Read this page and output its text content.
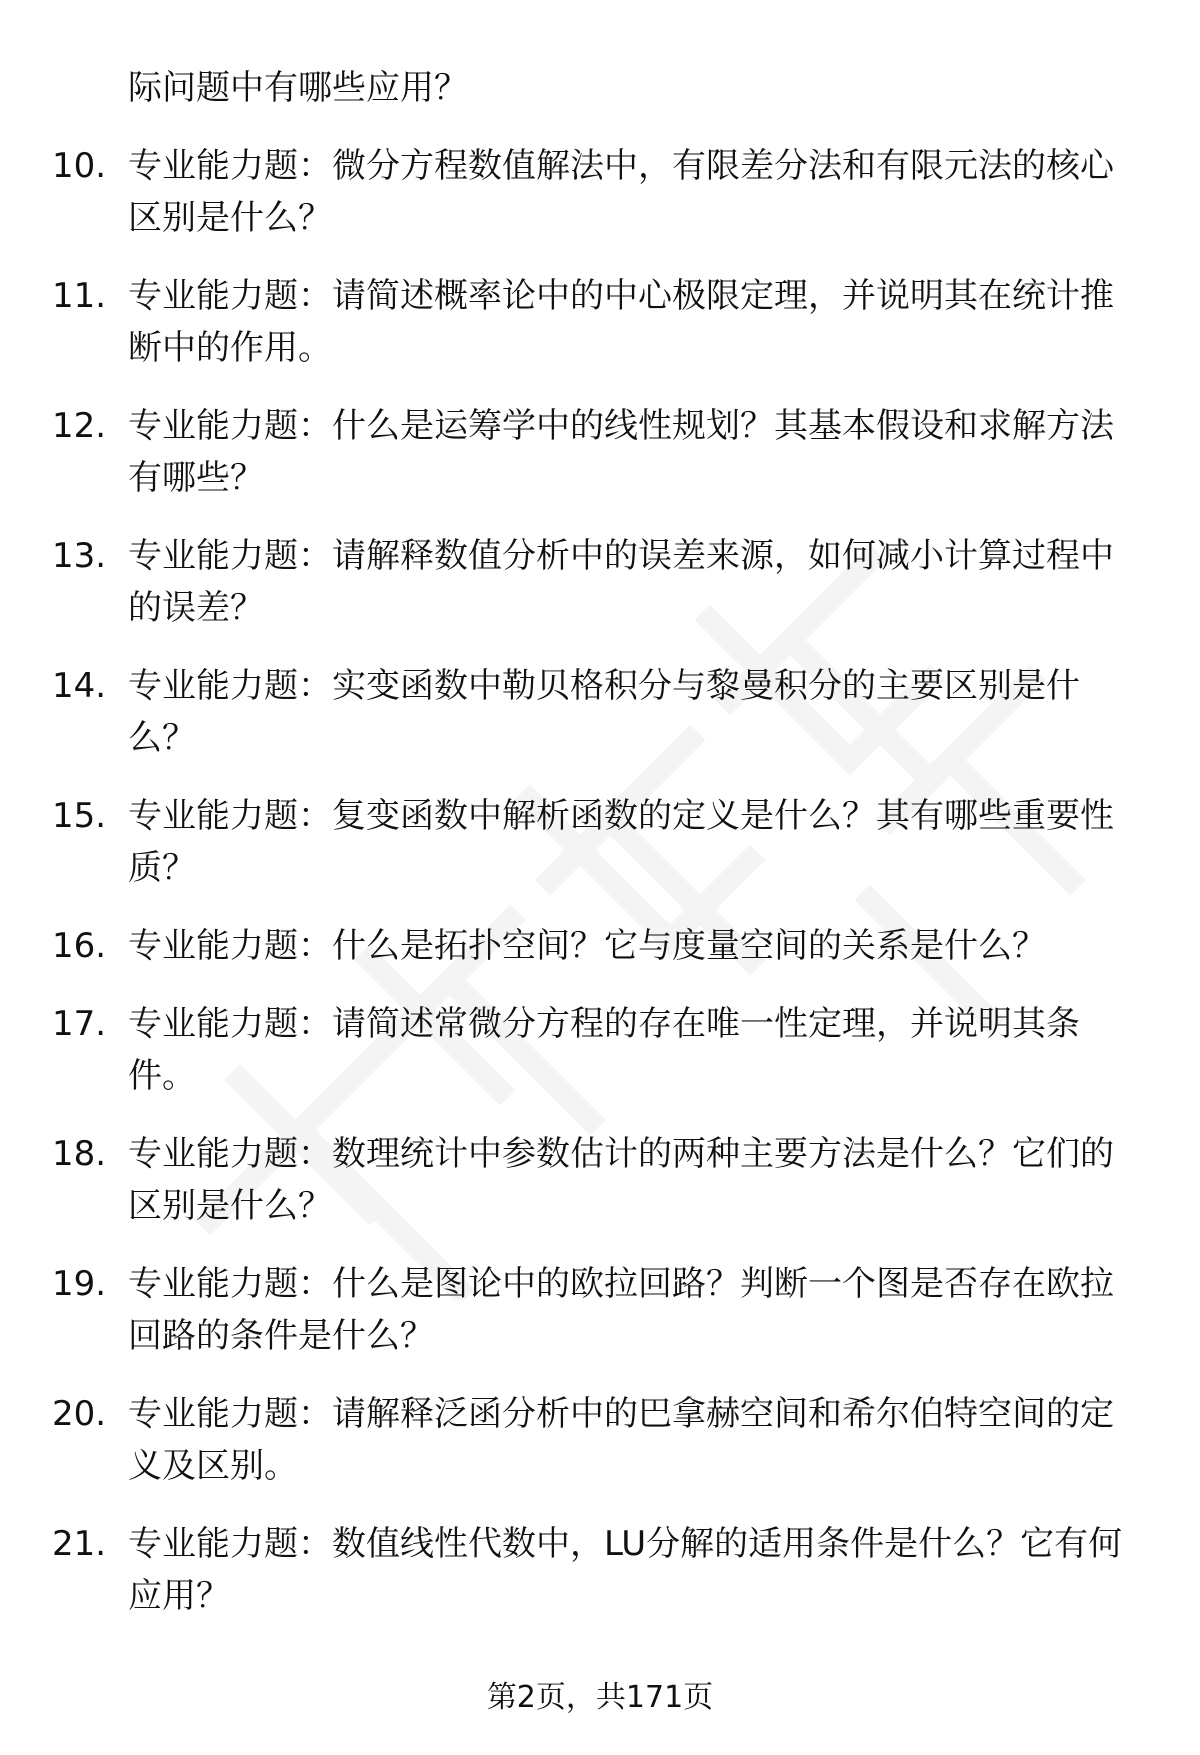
际问题中有哪些应用？
10. 专业能力题：微分方程数值解法中，有限差分法和有限元法的核心区别是什么？
11. 专业能力题：请简述概率论中的中心极限定理，并说明其在统计推断中的作用。
12. 专业能力题：什么是运筹学中的线性规划？其基本假设和求解方法有哪些？
13. 专业能力题：请解释数值分析中的误差来源，如何减小计算过程中的误差？
14. 专业能力题：实变函数中勒贝格积分与黎曼积分的主要区别是什么？
15. 专业能力题：复变函数中解析函数的定义是什么？其有哪些重要性质？
16. 专业能力题：什么是拓扑空间？它与度量空间的关系是什么？
17. 专业能力题：请简述常微分方程的存在唯一性定理，并说明其条件。
18. 专业能力题：数理统计中参数估计的两种主要方法是什么？它们的区别是什么？
19. 专业能力题：什么是图论中的欧拉回路？判断一个图是否存在欧拉回路的条件是什么？
20. 专业能力题：请解释泛函分析中的巴拿赫空间和希尔伯特空间的定义及区别。
21. 专业能力题：数值线性代数中，LU分解的适用条件是什么？它有何应用？
第2页，共171页
